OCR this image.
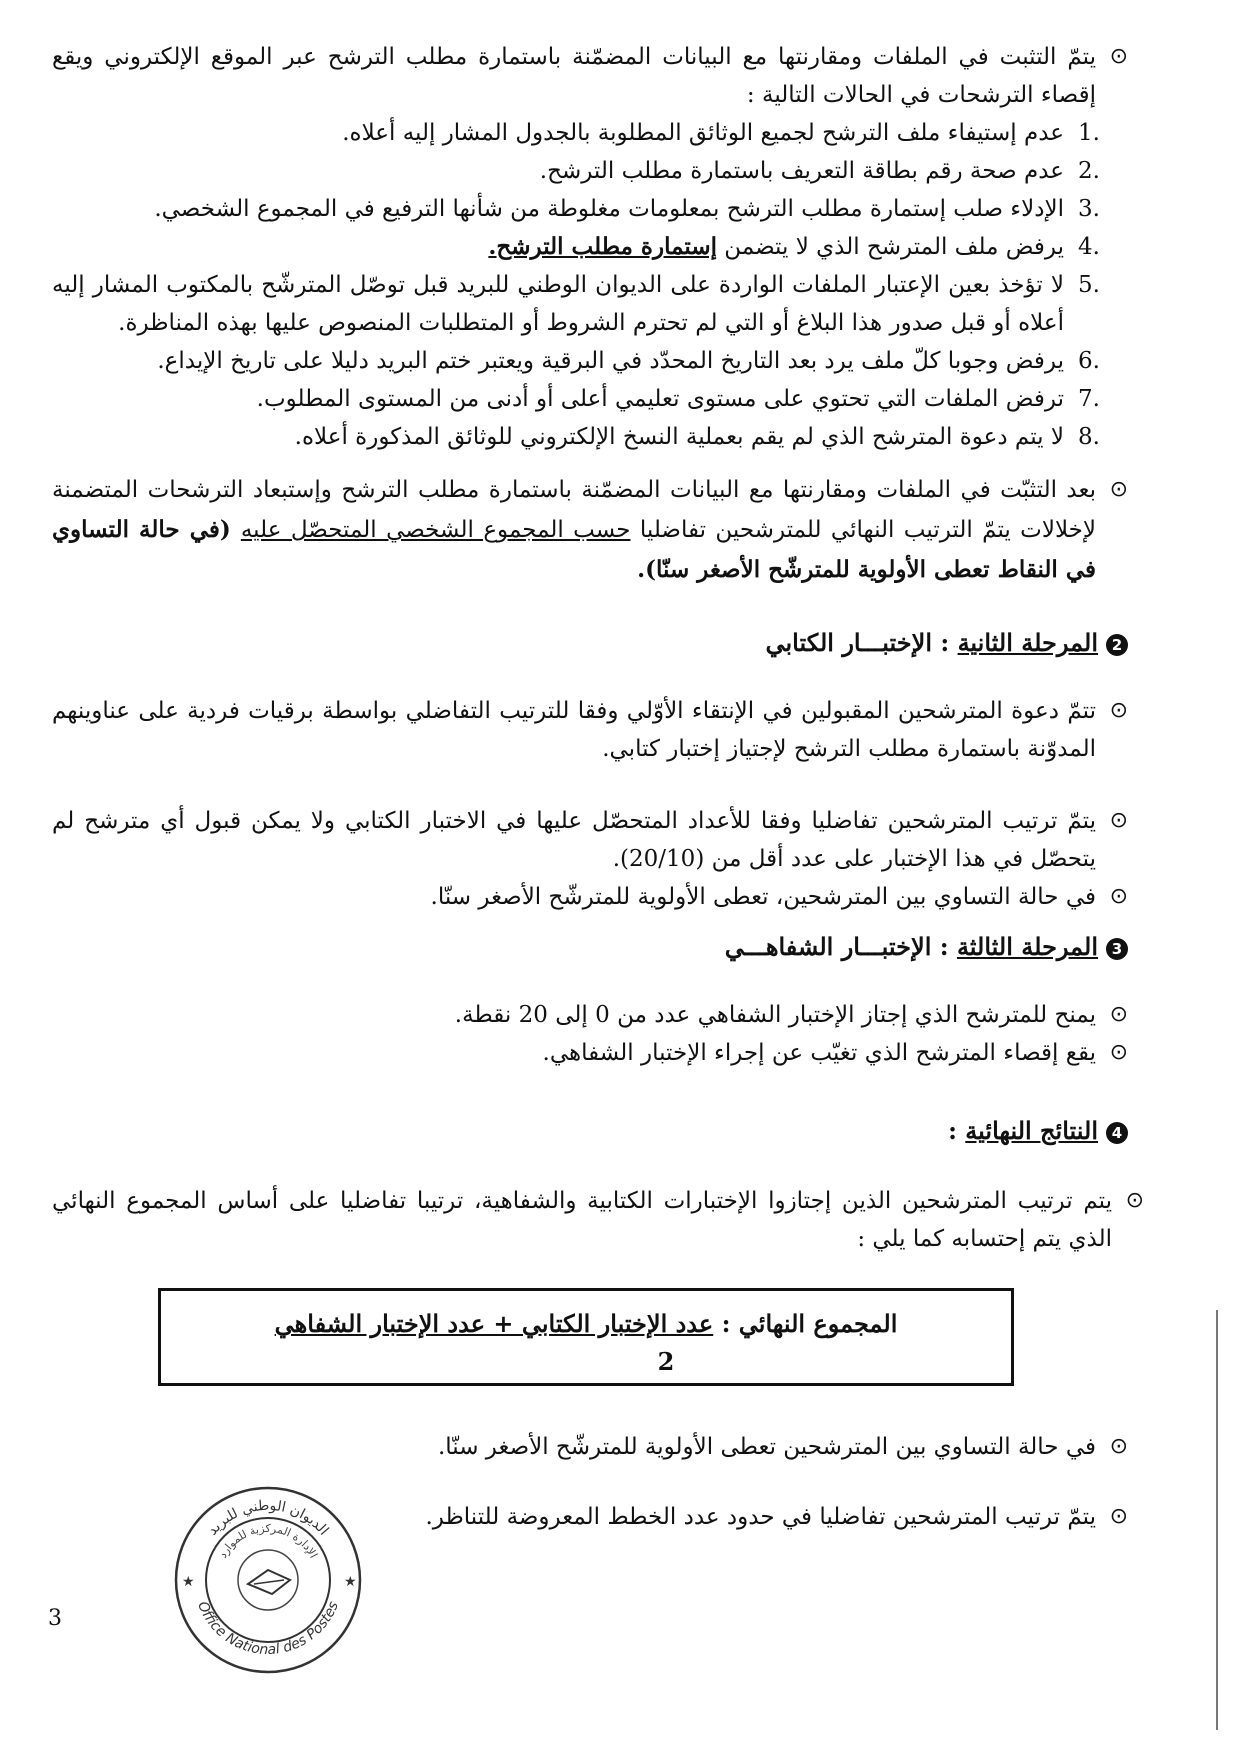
⊙
يتمّ التثبت في الملفات ومقارنتها مع البيانات المضمّنة باستمارة مطلب الترشح عبر الموقع الإلكتروني ويقع إقصاء الترشحات في الحالات التالية :
1.
عدم إستيفاء ملف الترشح لجميع الوثائق المطلوبة بالجدول المشار إليه أعلاه.
2.
عدم صحة رقم بطاقة التعريف باستمارة مطلب الترشح.
3.
الإدلاء صلب إستمارة مطلب الترشح بمعلومات مغلوطة من شأنها الترفيع في المجموع الشخصي.
4.
يرفض ملف المترشح الذي لا يتضمن إستمارة مطلب الترشح.
5.
لا تؤخذ بعين الإعتبار الملفات الواردة على الديوان الوطني للبريد قبل توصّل المترشّح بالمكتوب المشار إليه أعلاه أو قبل صدور هذا البلاغ أو التي لم تحترم الشروط أو المتطلبات المنصوص عليها بهذه المناظرة.
6.
يرفض وجوبا كلّ ملف يرد بعد التاريخ المحدّد في البرقية ويعتبر ختم البريد دليلا على تاريخ الإيداع.
7.
ترفض الملفات التي تحتوي على مستوى تعليمي أعلى أو أدنى من المستوى المطلوب.
8.
لا يتم دعوة المترشح الذي لم يقم بعملية النسخ الإلكتروني للوثائق المذكورة أعلاه.
⊙
بعد التثبّت في الملفات ومقارنتها مع البيانات المضمّنة باستمارة مطلب الترشح وإستبعاد الترشحات المتضمنة لإخلالات يتمّ الترتيب النهائي للمترشحين تفاضليا حسب المجموع الشخصي المتحصّل عليه (في حالة التساوي في النقاط تعطى الأولوية للمترشّح الأصغر سنّا).
2المرحلة الثانية : الإختبـــار الكتابي
⊙
تتمّ دعوة المترشحين المقبولين في الإنتقاء الأوّلي وفقا للترتيب التفاضلي بواسطة برقيات فردية على عناوينهم المدوّنة باستمارة مطلب الترشح لإجتياز إختبار كتابي.
⊙
يتمّ ترتيب المترشحين تفاضليا وفقا للأعداد المتحصّل عليها في الاختبار الكتابي ولا يمكن قبول أي مترشح لم يتحصّل في هذا الإختبار على عدد أقل من (20/10).
⊙
في حالة التساوي بين المترشحين، تعطى الأولوية للمترشّح الأصغر سنّا.
3المرحلة الثالثة : الإختبـــار الشفاهـــي
⊙
يمنح للمترشح الذي إجتاز الإختبار الشفاهي عدد من 0 إلى 20 نقطة.
⊙
يقع إقصاء المترشح الذي تغيّب عن إجراء الإختبار الشفاهي.
4النتائج النهائية :
⊙
يتم ترتيب المترشحين الذين إجتازوا الإختبارات الكتابية والشفاهية، ترتيبا تفاضليا على أساس المجموع النهائي الذي يتم إحتسابه كما يلي :
المجموع النهائي : عدد الإختبار الكتابي + عدد الإختبار الشفاهي
2
⊙
في حالة التساوي بين المترشحين تعطى الأولوية للمترشّح الأصغر سنّا.
⊙
يتمّ ترتيب المترشحين تفاضليا في حدود عدد الخطط المعروضة للتناظر.
الديوان الوطني للبريد
الإدارة المركزية للموارد
Office National des Postes
★	★
3
